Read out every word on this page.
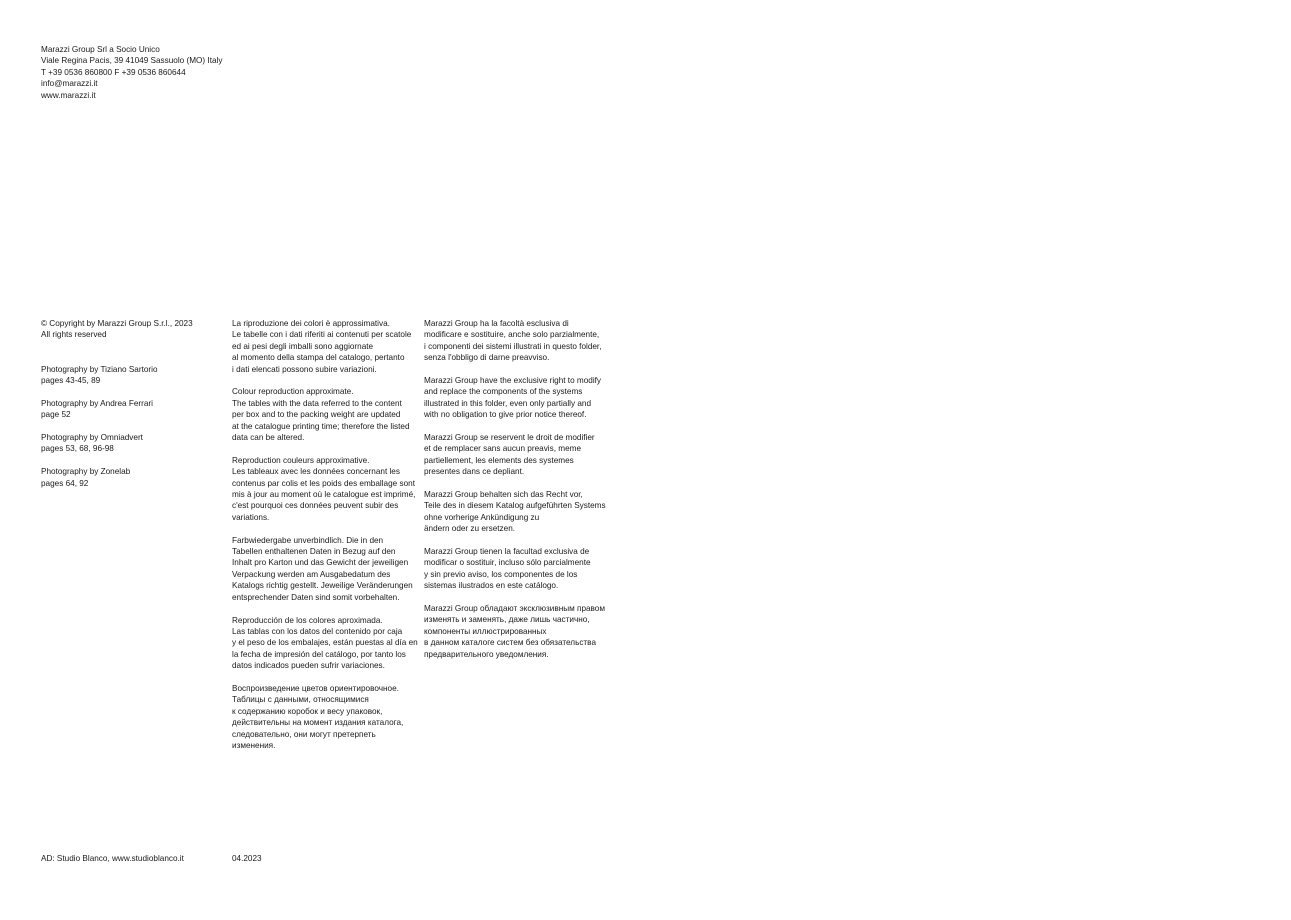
Marazzi Group Srl a Socio Unico
Viale Regina Pacis, 39 41049 Sassuolo (MO) Italy
T +39 0536 860800 F +39 0536 860644
info@marazzi.it
www.marazzi.it
© Copyright by Marazzi Group S.r.l., 2023
All rights reserved
Photography by Tiziano Sartorio
pages 43-45, 89
Photography by Andrea Ferrari
page 52
Photography by Omniadvert
pages 53, 68, 96-98
Photography by Zonelab
pages 64, 92
La riproduzione dei colori è approssimativa.
Le tabelle con i dati riferiti ai contenuti per scatole
ed ai pesi degli imballi sono aggiornate
al momento della stampa del catalogo, pertanto
i dati elencati possono subire variazioni.
Colour reproduction approximate.
The tables with the data referred to the content
per box and to the packing weight are updated
at the catalogue printing time; therefore the listed
data can be altered.
Reproduction couleurs approximative.
Les tableaux avec les données concernant les
contenus par colis et les poids des emballage sont
mis à jour au moment où le catalogue est imprimé,
c'est pourquoi ces données peuvent subir des
variations.
Farbwiedergabe unverbindlich. Die in den
Tabellen enthaltenen Daten in Bezug auf den
Inhalt pro Karton und das Gewicht der jeweiligen
Verpackung werden am Ausgabedatum des
Katalogs richtig gestellt. Jeweilige Veränderungen
entsprechender Daten sind somit vorbehalten.
Reproducción de los colores aproximada.
Las tablas con los datos del contenido por caja
y el peso de los embalajes, están puestas al día en
la fecha de impresión del catálogo, por tanto los
datos indicados pueden sufrir variaciones.
Воспроизведение цветов ориентировочное.
Таблицы с данными, относящимися
к содержанию коробок и весу упаковок,
действительны на момент издания каталога,
следовательно, они могут претерпеть
изменения.
Marazzi Group ha la facoltà esclusiva di
modificare e sostituire, anche solo parzialmente,
i componenti dei sistemi illustrati in questo folder,
senza l'obbligo di darne preavviso.
Marazzi Group have the exclusive right to modify
and replace the components of the systems
illustrated in this folder, even only partially and
with no obligation to give prior notice thereof.
Marazzi Group se reservent le droit de modifier
et de remplacer sans aucun preavis, meme
partiellement, les elements des systemes
presentes dans ce depliant.
Marazzi Group behalten sich das Recht vor,
Teile des in diesem Katalog aufgeführten Systems
ohne vorherige Ankündigung zu
ändern oder zu ersetzen.
Marazzi Group tienen la facultad exclusiva de
modificar o sostituir, incluso sólo parcialmente
y sin previo aviso, los componentes de los
sistemas ilustrados en este catálogo.
Marazzi Group обладают эксклюзивным правом
изменять и заменять, даже лишь частично,
компоненты иллюстрированных
в данном каталоге систем без обязательства
предварительного уведомления.
AD: Studio Blanco, www.studioblanco.it	04.2023
